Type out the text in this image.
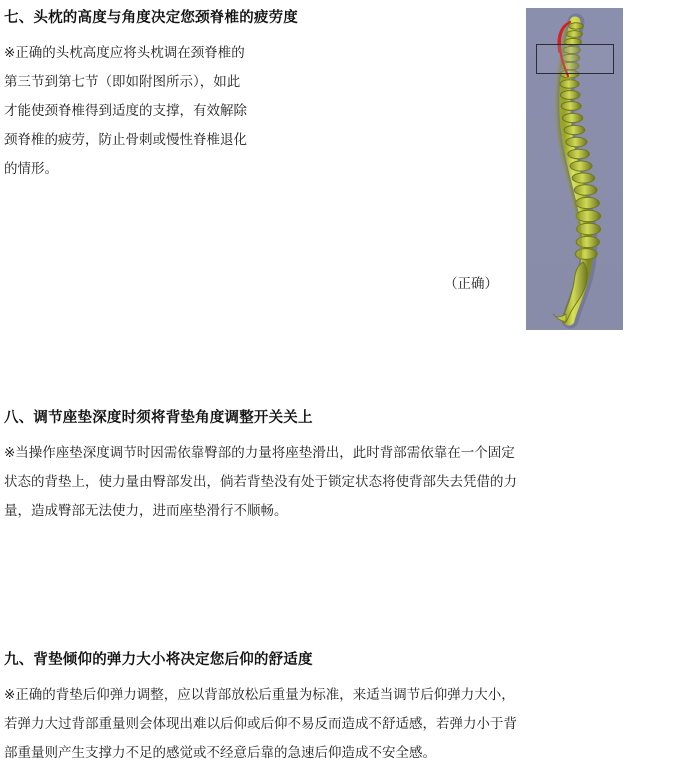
七、头枕的高度与角度决定您颈脊椎的疲劳度

※正确的头枕高度应将头枕调在颈脊椎的

第三节到第七节（即如附图所示），如此

才能使颈脊椎得到适度的支撑，有效解除

颈脊椎的疲劳，防止骨刺或慢性脊椎退化

的情形。

（正确）

八、调节座垫深度时须将背垫角度调整开关关上

※当操作座垫深度调节时因需依靠臀部的力量将座垫滑出，此时背部需依靠在一个固定

状态的背垫上，使力量由臀部发出，倘若背垫没有处于锁定状态将使背部失去凭借的力

量，造成臀部无法使力，进而座垫滑行不顺畅。

九、背垫倾仰的弹力大小将决定您后仰的舒适度

※正确的背垫后仰弹力调整，应以背部放松后重量为标准，来适当调节后仰弹力大小，

若弹力大过背部重量则会体现出难以后仰或后仰不易反而造成不舒适感，若弹力小于背

部重量则产生支撑力不足的感觉或不经意后靠的急速后仰造成不安全感。
